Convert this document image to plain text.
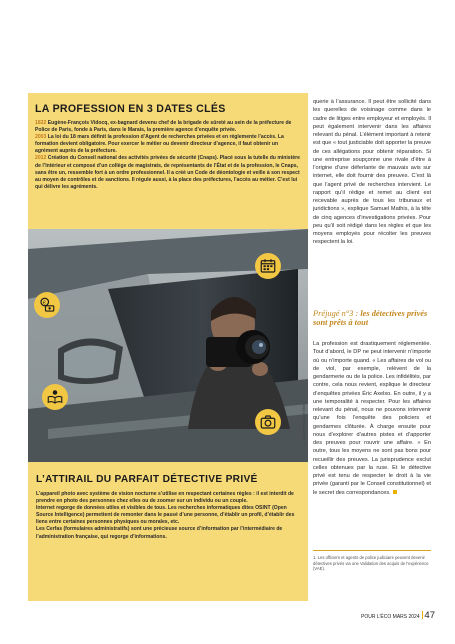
LA PROFESSION EN 3 DATES CLÉS

1832 Eugène-François Vidocq, ex-bagnard devenu chef de la brigade de sûreté au sein de la préfecture de Police de Paris, fonde à Paris, dans le Marais, la première agence d’enquête privée.

2003 La loi du 18 mars définit la profession d’Agent de recherches privées et en réglemente l’accès. La formation devient obligatoire. Pour exercer le métier ou devenir directeur d’agence, il faut obtenir un agrément auprès de la préfecture.

2012 Création du Conseil national des activités privées de sécurité (Cnaps). Placé sous la tutelle du ministère de l’Intérieur et composé d’un collège de magistrats, de représentants de l’État et de la profession, le Cnaps, sans être un, ressemble fort à un ordre professionnel. Il a créé un Code de déontologie et veille à son respect au moyen de contrôles et de sanctions. Il régule aussi, à la place des préfectures, l’accès au métier. C’est lui qui délivre les agréments.

€
© Alexander/Adobe Stock
L’ATTIRAIL DU PARFAIT DÉTECTIVE PRIVÉ

L’appareil photo avec système de vision nocturne s’utilise en respectant certaines règles : il est interdit de prendre en photo des personnes chez elles ou de zoomer sur un individu ou un couple.

Internet regorge de données utiles et visibles de tous. Les recherches informatiques dites OSINT (Open Source Intelligence) permettent de remonter dans le passé d’une personne, d’établir un profil, d’établir des liens entre certaines personnes physiques ou morales, etc.

Les Cerfas (formulaires administratifs) sont une précieuse source d’information par l’intermédiaire de l’administration française, qui regorge d’informations.

querie à l’assurance. Il peut être sollicité dans les querelles de voisinage comme dans le cadre de litiges entre employeur et employés. Il peut également intervenir dans les affaires relevant du pénal. L’élément important à retenir est que « tout justiciable doit apporter la preuve de ces allégations pour obtenir réparation. Si une entreprise soupçonne une rivale d’être à l’origine d’une déferlante de mauvais avis sur internet, elle doit fournir des preuves. C’est là que l’agent privé de recherches intervient. Le rapport qu’il rédige et remet au client est recevable auprès de tous les tribunaux et juridictions », explique Samuel Mathis, à la tête de cinq agences d’investigations privées. Pour peu qu’il soit rédigé dans les règles et que les moyens employés pour récolter les preuves respectent la loi.

Préjugé n°3 : les détectives privés sont prêts à tout

La profession est drastiquement réglementée. Tout d’abord, le DP ne peut intervenir n’importe où ou n’importe quand. « Les affaires de vol ou de viol, par exemple, relèvent de la gendarmerie ou de la police. Les infidélités, par contre, cela nous revient, explique le directeur d’enquêtes privées Éric Axelso. En outre, il y a une temporalité à respecter. Pour les affaires relevant du pénal, nous ne pouvons intervenir qu’une fois l’enquête des policiers et gendarmes clôturée. À charge ensuite pour nous d’explorer d’autres pistes et d’apporter des preuves pour rouvrir une affaire. » En outre, tous les moyens ne sont pas bons pour recueillir des preuves. La jurisprudence exclut celles obtenues par la ruse. Et le détective privé est tenu de respecter le droit à la vie privée (garanti par le Conseil constitutionnel) et le secret des correspondances.

1. Les officiers et agents de police judiciaire peuvent devenir détectives privés via une Validation des acquis de l’expérience (VAE).
POUR L’ÉCO MARS 2024 47
